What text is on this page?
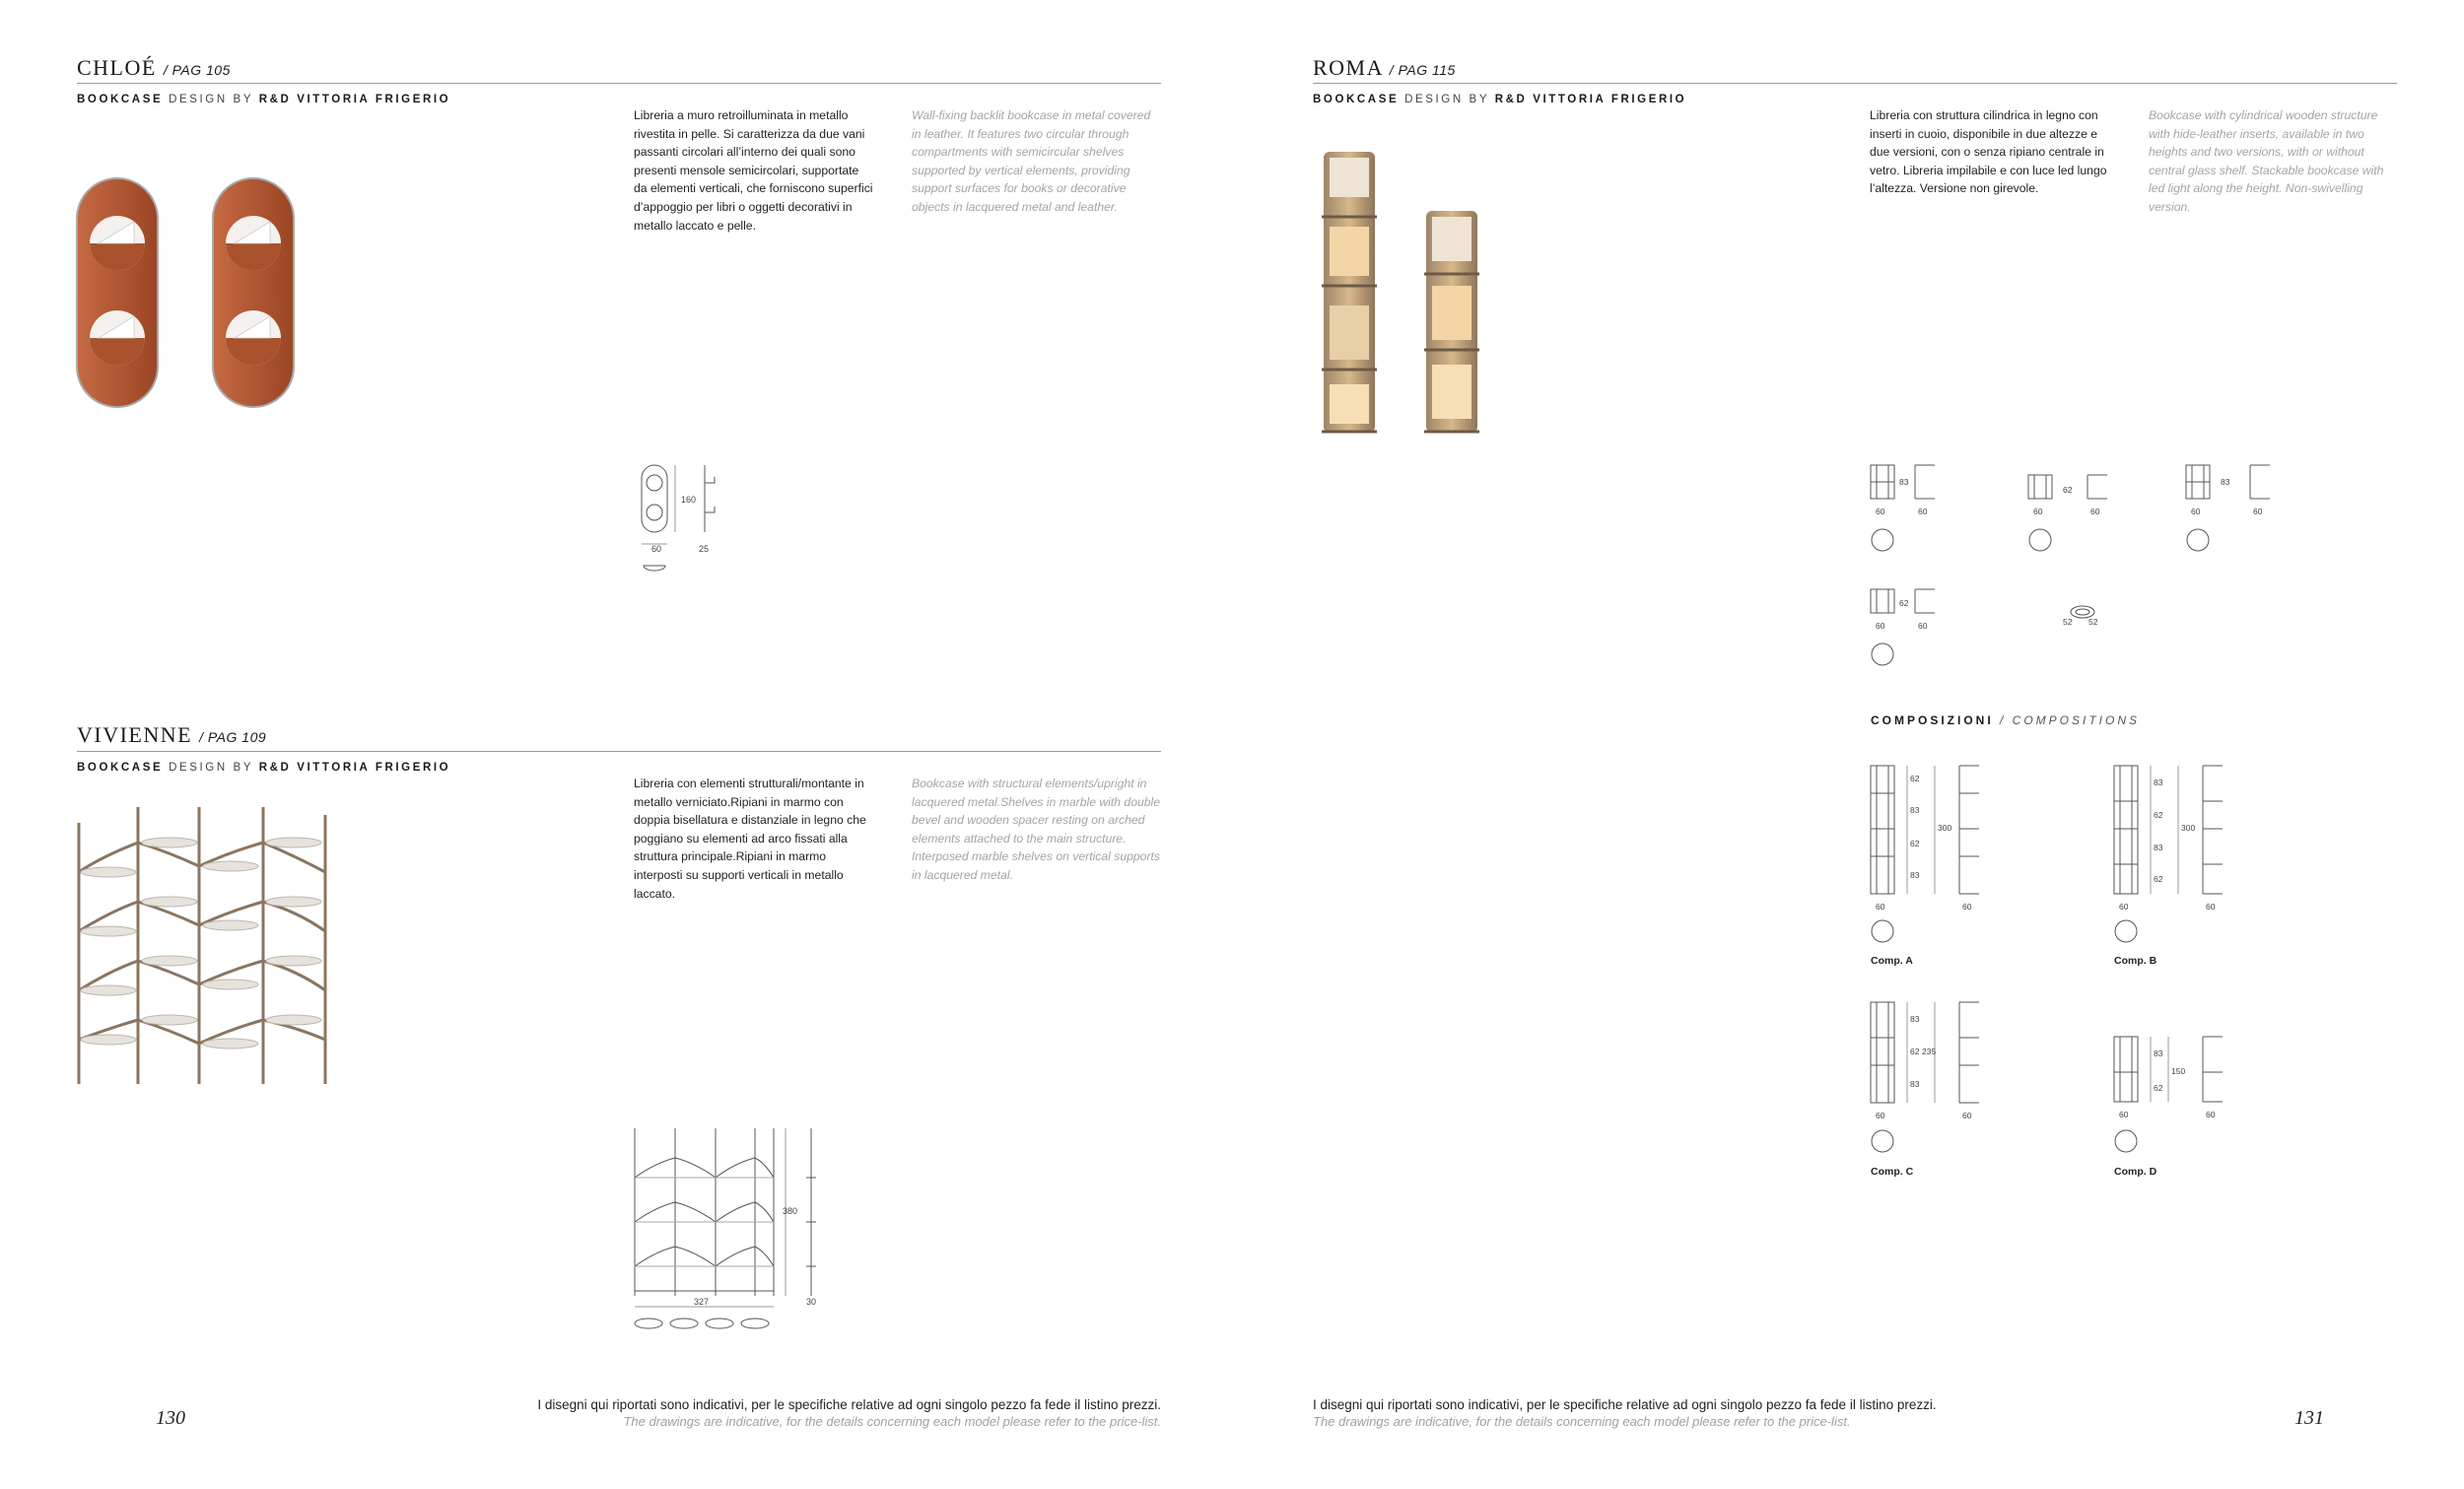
CHLOÉ / PAG 105
BOOKCASE DESIGN BY R&D VITTORIA FRIGERIO
Libreria a muro retroilluminata in metallo rivestita in pelle. Si caratterizza da due vani passanti circolari all’interno dei quali sono presenti mensole semicircolari, supportate da elementi verticali, che forniscono superfici d’appoggio per libri o oggetti decorativi in metallo laccato e pelle.
Wall-fixing backlit bookcase in metal covered in leather. It features two circular through compartments with semicircular shelves supported by vertical elements, providing support surfaces for books or decorative objects in lacquered metal and leather.
160
60	25
VIVIENNE / PAG 109
BOOKCASE DESIGN BY R&D VITTORIA FRIGERIO
Libreria con elementi strutturali/montante in metallo verniciato.Ripiani in marmo con doppia bisellatura e distanziale in legno che poggiano su elementi ad arco fissati alla struttura principale.Ripiani in marmo interposti su supporti verticali in metallo laccato.
Bookcase with structural elements/upright in lacquered metal.Shelves in marble with double bevel and wooden spacer resting on arched elements attached to the main structure. Interposed marble shelves on vertical supports in lacquered metal.
380
327	30
130
I disegni qui riportati sono indicativi, per le specifiche relative ad ogni singolo pezzo fa fede il listino prezzi.
The drawings are indicative, for the details concerning each model please refer to the price-list.
ROMA / PAG 115
BOOKCASE DESIGN BY R&D VITTORIA FRIGERIO
Libreria con struttura cilindrica in legno con inserti in cuoio, disponibile in due altezze e due versioni, con o senza ripiano centrale in vetro. Libreria impilabile e con luce led lungo l’altezza. Versione non girevole.
Bookcase with cylindrical wooden structure with hide-leather inserts, available in two heights and two versions, with or without central glass shelf. Stackable bookcase with led light along the height. Non-swivelling version.
83
60	60
62
60	60
83
60	60
62
60	60	52 52
COMPOSIZIONI / COMPOSITIONS
62
83
300
62
83
60	60
Comp. A
83
62
300
83
62
60	60
Comp. B
83
62 235
83
60	60
Comp. C
83
150
62
60	60
Comp. D
I disegni qui riportati sono indicativi, per le specifiche relative ad ogni singolo pezzo fa fede il listino prezzi.
The drawings are indicative, for the details concerning each model please refer to the price-list.	131
